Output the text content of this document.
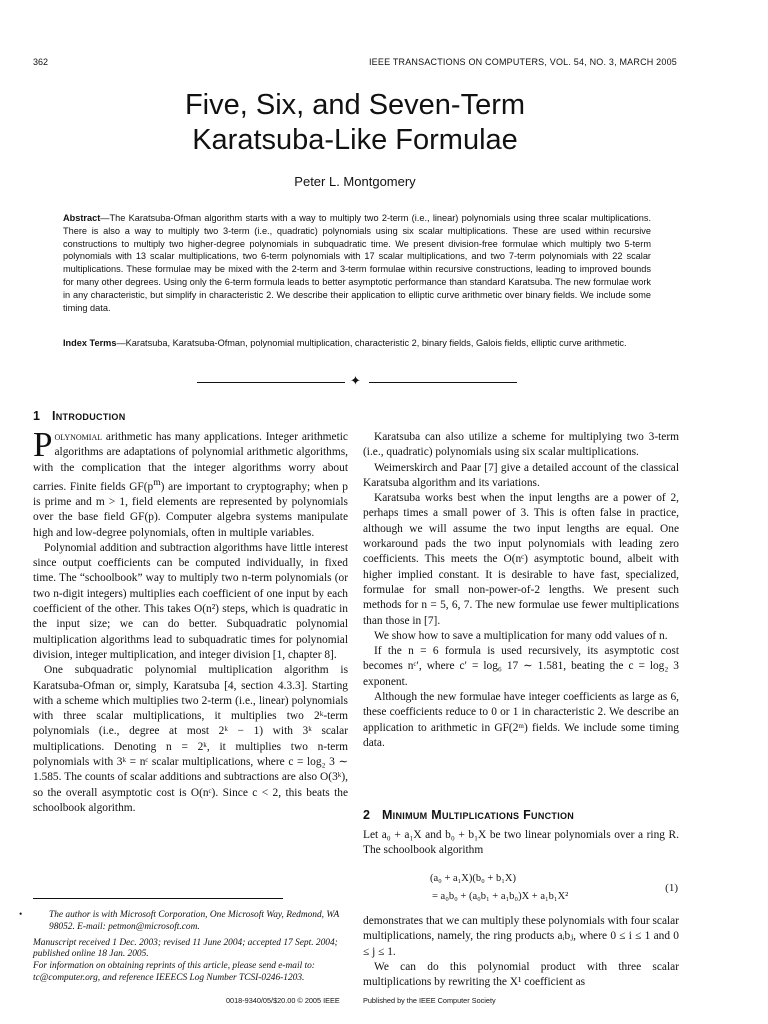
362	IEEE TRANSACTIONS ON COMPUTERS, VOL. 54, NO. 3, MARCH 2005
Five, Six, and Seven-Term
Karatsuba-Like Formulae
Peter L. Montgomery
Abstract—The Karatsuba-Ofman algorithm starts with a way to multiply two 2-term (i.e., linear) polynomials using three scalar multiplications. There is also a way to multiply two 3-term (i.e., quadratic) polynomials using six scalar multiplications. These are used within recursive constructions to multiply two higher-degree polynomials in subquadratic time. We present division-free formulae which multiply two 5-term polynomials with 13 scalar multiplications, two 6-term polynomials with 17 scalar multiplications, and two 7-term polynomials with 22 scalar multiplications. These formulae may be mixed with the 2-term and 3-term formulae within recursive constructions, leading to improved bounds for many other degrees. Using only the 6-term formula leads to better asymptotic performance than standard Karatsuba. The new formulae work in any characteristic, but simplify in characteristic 2. We describe their application to elliptic curve arithmetic over binary fields. We include some timing data.
Index Terms—Karatsuba, Karatsuba-Ofman, polynomial multiplication, characteristic 2, binary fields, Galois fields, elliptic curve arithmetic.
✦
1 Introduction

Polynomial arithmetic has many applications. Integer arithmetic algorithms are adaptations of polynomial arithmetic algorithms, with the complication that the integer algorithms worry about carries. Finite fields $GF(p^m)$ are important to cryptography; when p is prime and m > 1, field elements are represented by polynomials over the base field GF(p). Computer algebra systems manipulate high and low-degree polynomials, often in multiple variables.

Polynomial addition and subtraction algorithms have little interest since output coefficients can be computed individually, in fixed time. The “schoolbook” way to multiply two n-term polynomials (or two n-digit integers) multiplies each coefficient of one input by each coefficient of the other. This takes O(n²) steps, which is quadratic in the input size; we can do better. Subquadratic polynomial multiplication algorithms lead to subquadratic times for polynomial division, integer multiplication, and integer division [1, chapter 8].

One subquadratic polynomial multiplication algorithm is Karatsuba-Ofman or, simply, Karatsuba [4, section 4.3.3]. Starting with a scheme which multiplies two 2-term (i.e., linear) polynomials with three scalar multiplications, it multiplies two 2ᵏ-term polynomials (i.e., degree at most 2ᵏ − 1) with 3ᵏ scalar multiplications. Denoting n = 2ᵏ, it multiplies two n-term polynomials with 3ᵏ = nᶜ scalar multiplications, where c = log₂ 3 ∼ 1.585. The counts of scalar additions and subtractions are also O(3ᵏ), so the overall asymptotic cost is O(nᶜ). Since c < 2, this beats the schoolbook algorithm.

Karatsuba can also utilize a scheme for multiplying two 3-term (i.e., quadratic) polynomials using six scalar multiplications.

Weimerskirch and Paar [7] give a detailed account of the classical Karatsuba algorithm and its variations.

Karatsuba works best when the input lengths are a power of 2, perhaps times a small power of 3. This is often false in practice, although we will assume the two input lengths are equal. One workaround pads the two input polynomials with leading zero coefficients. This meets the O(nᶜ) asymptotic bound, albeit with higher implied constant. It is desirable to have fast, specialized, formulae for small non-power-of-2 lengths. We present such methods for n = 5, 6, 7. The new formulae use fewer multiplications than those in [7].

We show how to save a multiplication for many odd values of n.

If the n = 6 formula is used recursively, its asymptotic cost becomes nᶜ′, where c′ = log₆ 17 ∼ 1.581, beating the c = log₂ 3 exponent.

Although the new formulae have integer coefficients as large as 6, these coefficients reduce to 0 or 1 in characteristic 2. We describe an application to arithmetic in GF(2ᵐ) fields. We include some timing data.

2 Minimum Multiplications Function

Let a₀ + a₁X and b₀ + b₁X be two linear polynomials over a ring R. The schoolbook algorithm

(a₀ + a₁X)(b₀ + b₁X)
= a₀b₀ + (a₀b₁ + a₁b₀)X + a₁b₁X²
(1)

demonstrates that we can multiply these polynomials with four scalar multiplications, namely, the ring products aᵢbⱼ, where 0 ≤ i ≤ 1 and 0 ≤ j ≤ 1.

We can do this polynomial product with three scalar multiplications by rewriting the X¹ coefficient as

•	The author is with Microsoft Corporation, One Microsoft Way, Redmond, WA 98052. E-mail: petmon@microsoft.com.

Manuscript received 1 Dec. 2003; revised 11 June 2004; accepted 17 Sept. 2004; published online 18 Jan. 2005.

For information on obtaining reprints of this article, please send e-mail to: tc@computer.org, and reference IEEECS Log Number TCSI-0246-1203.

0018-9340/05/$20.00 © 2005 IEEE	Published by the IEEE Computer Society
